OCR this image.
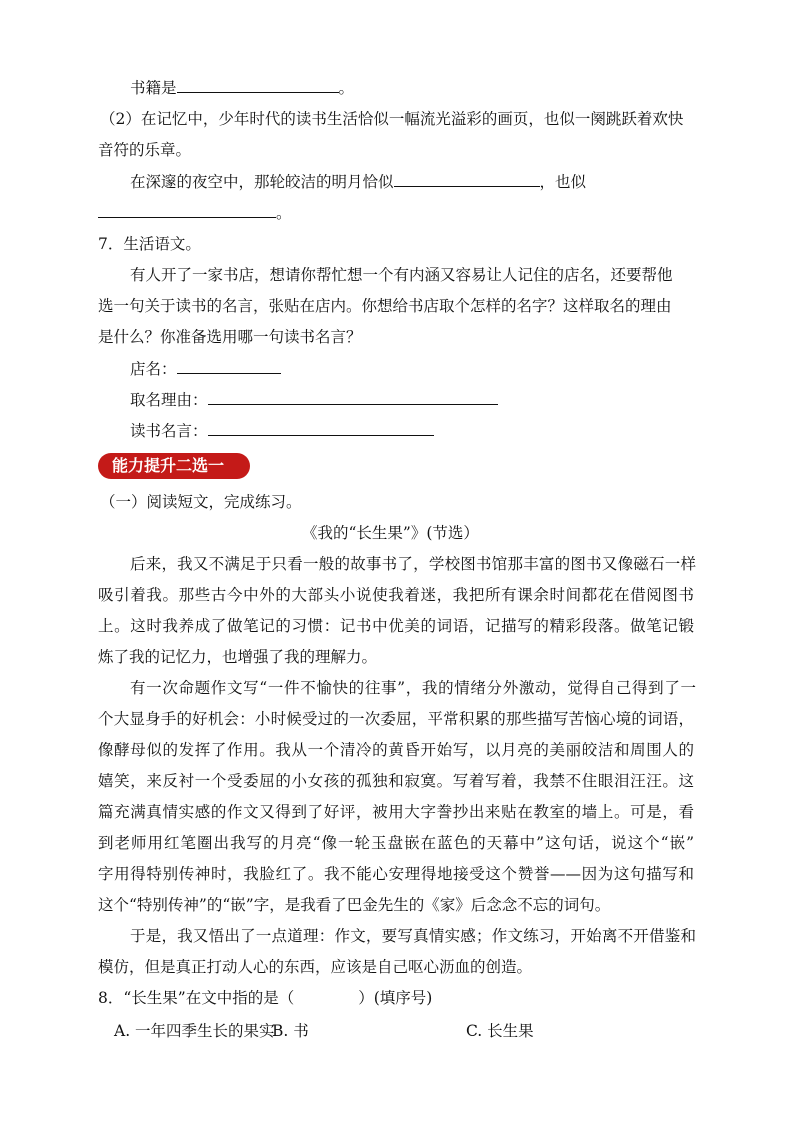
书籍是	。
（2）在记忆中，少年时代的读书生活恰似一幅流光溢彩的画页，也似一阕跳跃着欢快
音符的乐章。
在深邃的夜空中，那轮皎洁的明月恰似	，也似
。
7．生活语文。
有人开了一家书店，想请你帮忙想一个有内涵又容易让人记住的店名，还要帮他
选一句关于读书的名言，张贴在店内。你想给书店取个怎样的名字？这样取名的理由
是什么？你准备选用哪一句读书名言？
店名：
取名理由：
读书名言：
能力提升二选一
（一）阅读短文，完成练习。
《我的“长生果”》(节选）
后来，我又不满足于只看一般的故事书了，学校图书馆那丰富的图书又像磁石一样
吸引着我。那些古今中外的大部头小说使我着迷，我把所有课余时间都花在借阅图书
上。这时我养成了做笔记的习惯：记书中优美的词语，记描写的精彩段落。做笔记锻
炼了我的记忆力，也增强了我的理解力。
有一次命题作文写“一件不愉快的往事”，我的情绪分外激动，觉得自己得到了一
个大显身手的好机会：小时候受过的一次委屈，平常积累的那些描写苦恼心境的词语，
像酵母似的发挥了作用。我从一个清冷的黄昏开始写，以月亮的美丽皎洁和周围人的
嬉笑，来反衬一个受委屈的小女孩的孤独和寂寞。写着写着，我禁不住眼泪汪汪。这
篇充满真情实感的作文又得到了好评，被用大字誊抄出来贴在教室的墙上。可是，看
到老师用红笔圈出我写的月亮“像一轮玉盘嵌在蓝色的天幕中”这句话，说这个“嵌”
字用得特别传神时，我脸红了。我不能心安理得地接受这个赞誉——因为这句描写和
这个“特别传神”的“嵌”字，是我看了巴金先生的《家》后念念不忘的词句。
于是，我又悟出了一点道理：作文，要写真情实感；作文练习，开始离不开借鉴和
模仿，但是真正打动人心的东西，应该是自己呕心沥血的创造。
8．“长生果”在文中指的是（	）(填序号)
A. 一年四季生长的果实
B. 书	C. 长生果
